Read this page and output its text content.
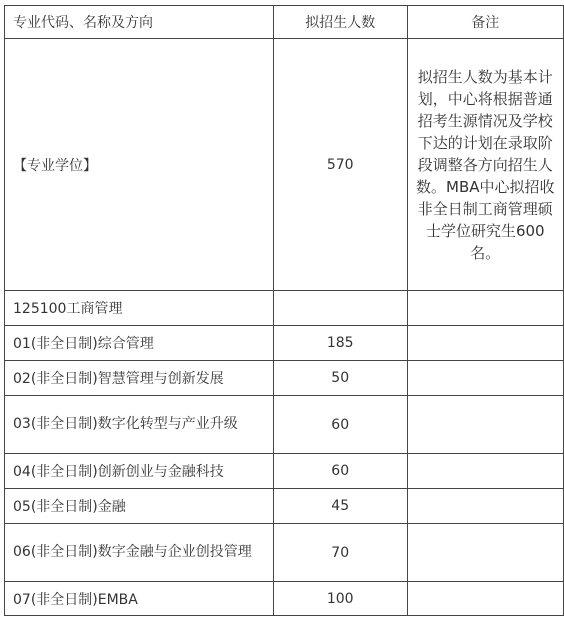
专业代码、名称及方向	拟招生人数	备注
【专业学位】	570	拟招生人数为基本计划，中心将根据普通招考生源情况及学校下达的计划在录取阶段调整各方向招生人数。MBA中心拟招收非全日制工商管理硕士学位研究生600名。
125100工商管理		
01(非全日制)综合管理	185	
02(非全日制)智慧管理与创新发展	50	
03(非全日制)数字化转型与产业升级	60	
04(非全日制)创新创业与金融科技	60	
05(非全日制)金融	45	
06(非全日制)数字金融与企业创投管理	70	
07(非全日制)EMBA	100	
